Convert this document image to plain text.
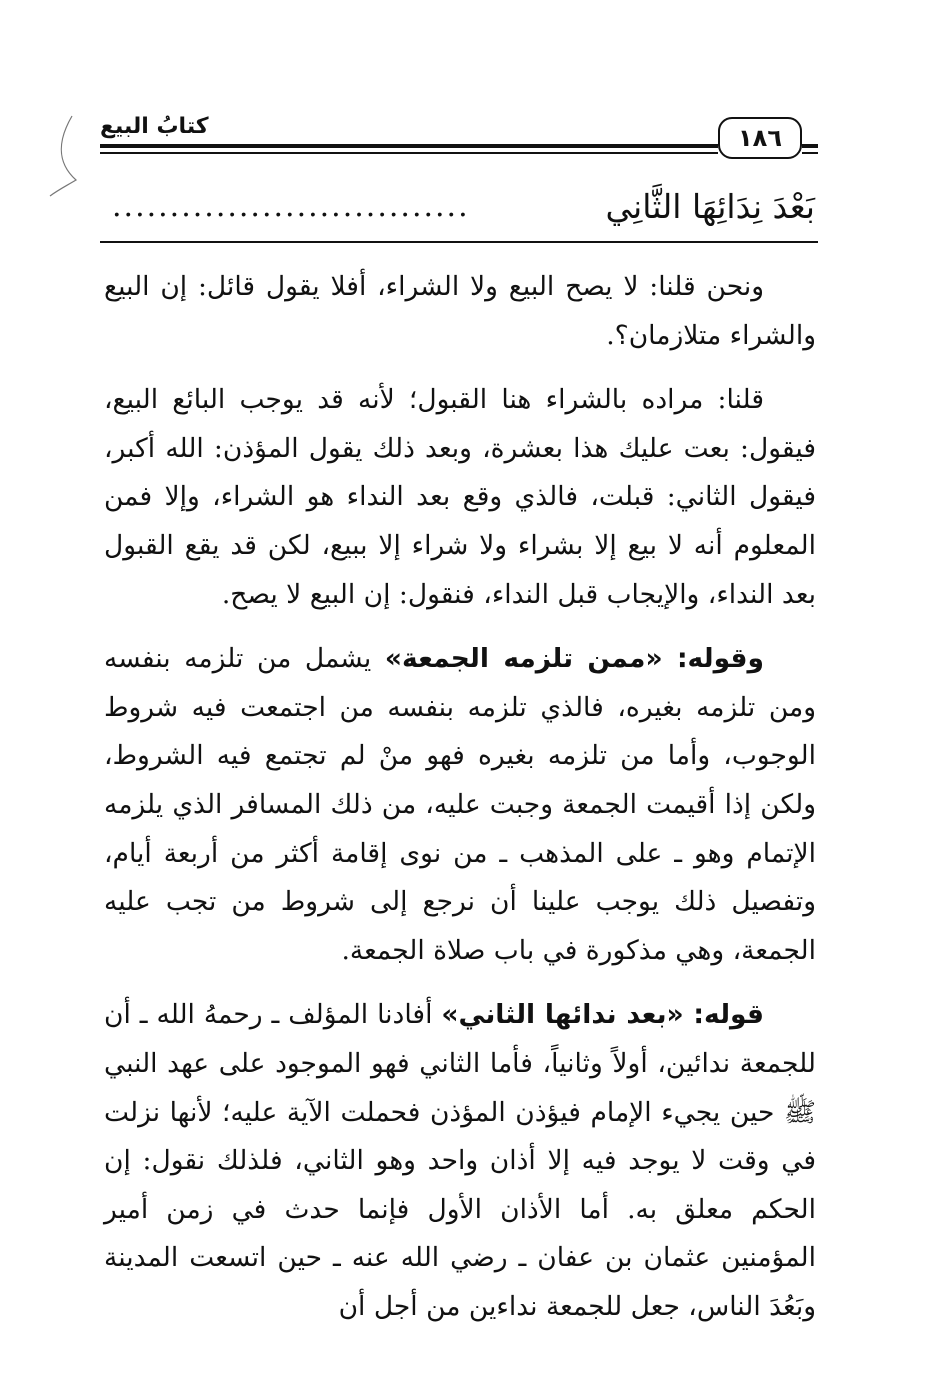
كتابُ البيع	١٨٦
بَعْدَ نِدَائِهَا الثَّانِي
...............................

ونحن قلنا: لا يصح البيع ولا الشراء، أفلا يقول قائل: إن البيع والشراء متلازمان؟.

قلنا: مراده بالشراء هنا القبول؛ لأنه قد يوجب البائع البيع، فيقول: بعت عليك هذا بعشرة، وبعد ذلك يقول المؤذن: الله أكبر، فيقول الثاني: قبلت، فالذي وقع بعد النداء هو الشراء، وإلا فمن المعلوم أنه لا بيع إلا بشراء ولا شراء إلا ببيع، لكن قد يقع القبول بعد النداء، والإيجاب قبل النداء، فنقول: إن البيع لا يصح.

وقوله: «ممن تلزمه الجمعة» يشمل من تلزمه بنفسه ومن تلزمه بغيره، فالذي تلزمه بنفسه من اجتمعت فيه شروط الوجوب، وأما من تلزمه بغيره فهو منْ لم تجتمع فيه الشروط، ولكن إذا أقيمت الجمعة وجبت عليه، من ذلك المسافر الذي يلزمه الإتمام وهو ـ على المذهب ـ من نوى إقامة أكثر من أربعة أيام، وتفصيل ذلك يوجب علينا أن نرجع إلى شروط من تجب عليه الجمعة، وهي مذكورة في باب صلاة الجمعة.

قوله: «بعد ندائها الثاني» أفادنا المؤلف ـ رحمهُ الله ـ أن للجمعة ندائين، أولاً وثانياً، فأما الثاني فهو الموجود على عهد النبي ﷺ حين يجيء الإمام فيؤذن المؤذن فحملت الآية عليه؛ لأنها نزلت في وقت لا يوجد فيه إلا أذان واحد وهو الثاني، فلذلك نقول: إن الحكم معلق به. أما الأذان الأول فإنما حدث في زمن أمير المؤمنين عثمان بن عفان ـ رضي الله عنه ـ حين اتسعت المدينة وبَعُدَ الناس، جعل للجمعة نداءين من أجل أن
